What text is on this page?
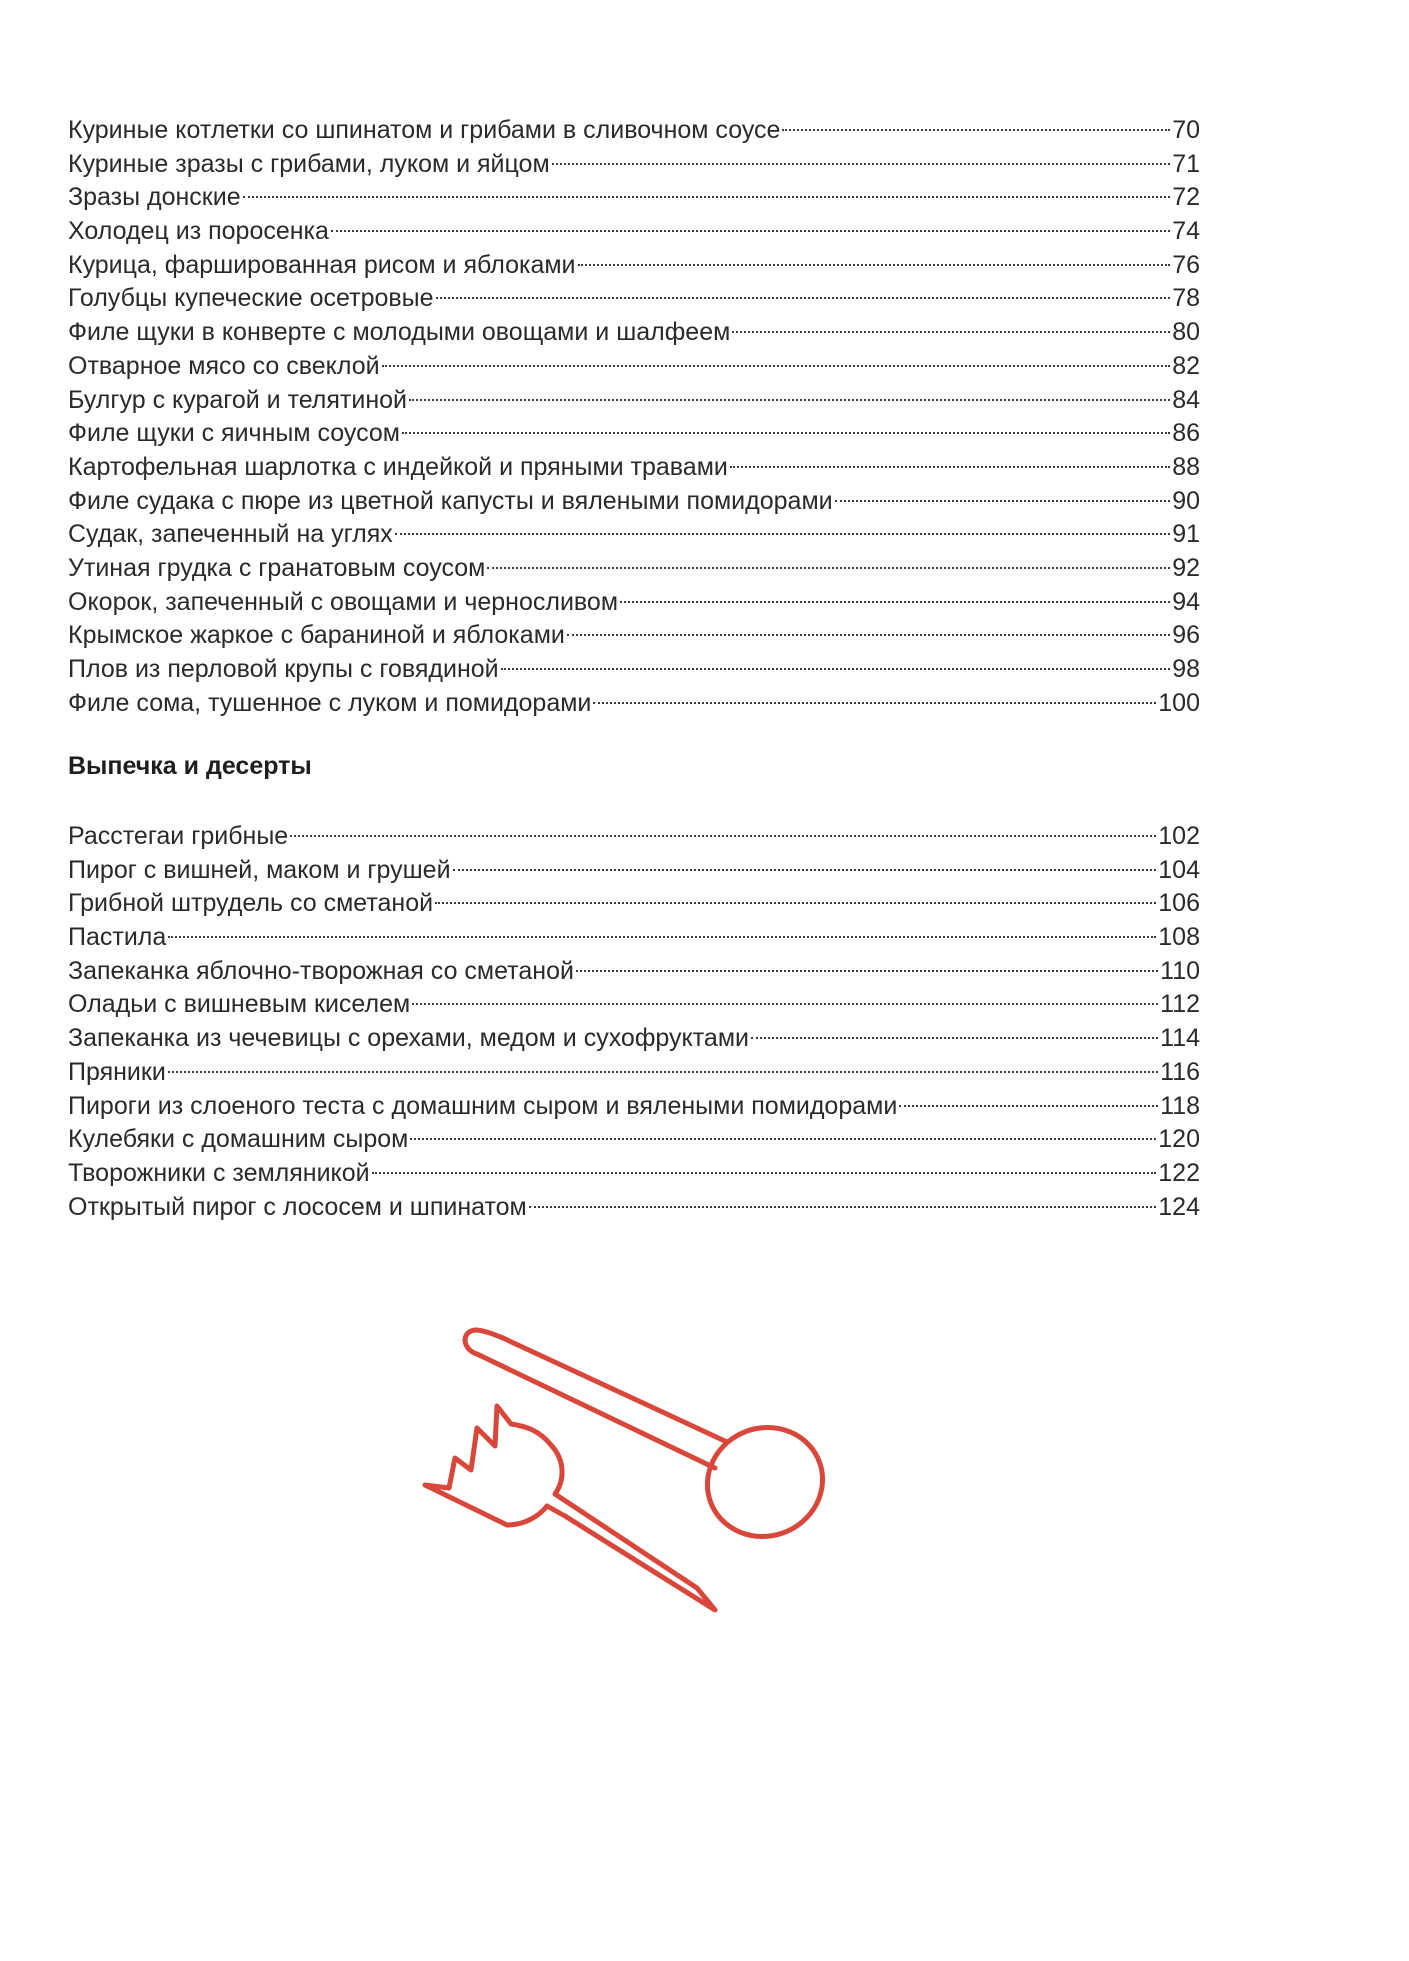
Куриные котлетки со шпинатом и грибами в сливочном соусе	70
Куриные зразы с грибами, луком и яйцом	71
Зразы донские	72
Холодец из поросенка	74
Курица, фаршированная рисом и яблоками	76
Голубцы купеческие осетровые	78
Филе щуки в конверте с молодыми овощами и шалфеем	80
Отварное мясо со свеклой	82
Булгур с курагой и телятиной	84
Филе щуки с яичным соусом	86
Картофельная шарлотка с индейкой и пряными травами	88
Филе судака с пюре из цветной капусты и вялеными помидорами	90
Судак, запеченный на углях	91
Утиная грудка с гранатовым соусом	92
Окорок, запеченный с овощами и черносливом	94
Крымское жаркое с бараниной и яблоками	96
Плов из перловой крупы с говядиной	98
Филе сома, тушенное с луком и помидорами	100
Выпечка и десерты
Расстегаи грибные	102
Пирог с вишней, маком и грушей	104
Грибной штрудель со сметаной	106
Пастила	108
Запеканка яблочно-творожная со сметаной	110
Оладьи с вишневым киселем	112
Запеканка из чечевицы с орехами, медом и сухофруктами	114
Пряники	116
Пироги из слоеного теста с домашним сыром и вялеными помидорами	118
Кулебяки с домашним сыром	120
Творожники с земляникой	122
Открытый пирог с лососем и шпинатом	124
